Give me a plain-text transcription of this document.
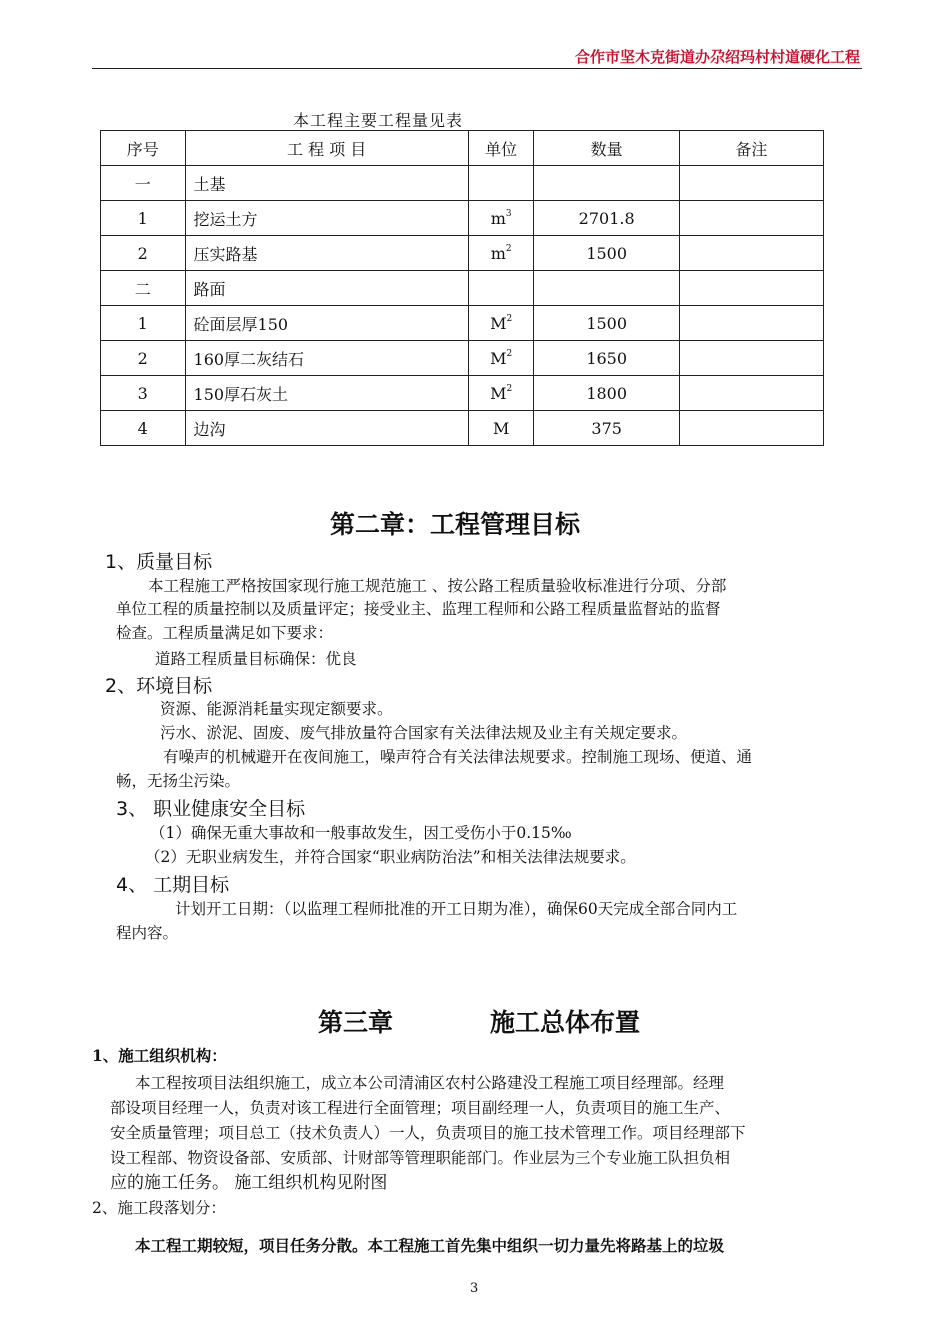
合作市坚木克街道办尕绍玛村村道硬化工程
本工程主要工程量见表
序号	工 程 项 目	单位	数量	备注
一	土基			
1	挖运土方	$m^3$	2701.8	
2	压实路基	$m^2$	1500	
二	路面			
1	砼面层厚150	$M^2$	1500	
2	160厚二灰结石	$M^2$	1650	
3	150厚石灰土	$M^2$	1800	
4	边沟	M	375	
第二章：工程管理目标
1、质量目标
本工程施工严格按国家现行施工规范施工 、按公路工程质量验收标准进行分项、分部
单位工程的质量控制以及质量评定；接受业主、监理工程师和公路工程质量监督站的监督
检查。工程质量满足如下要求：
道路工程质量目标确保：优良
2、环境目标
资源、能源消耗量实现定额要求。
污水、淤泥、固废、废气排放量符合国家有关法律法规及业主有关规定要求。
有噪声的机械避开在夜间施工，噪声符合有关法律法规要求。控制施工现场、便道、通
畅，无扬尘污染。
3、 职业健康安全目标
（1）确保无重大事故和一般事故发生，因工受伤小于0.15‰
（2）无职业病发生，并符合国家“职业病防治法”和相关法律法规要求。
4、 工期目标
计划开工日期：（以监理工程师批准的开工日期为准），确保60天完成全部合同内工
程内容。
第三章	施工总体布置
1、施工组织机构：
本工程按项目法组织施工，成立本公司清浦区农村公路建没工程施工项目经理部。经理
部设项目经理一人，负责对该工程进行全面管理；项目副经理一人，负责项目的施工生产、
安全质量管理；项目总工（技术负责人）一人，负责项目的施工技术管理工作。项目经理部下
设工程部、物资设备部、安质部、计财部等管理职能部门。作业层为三个专业施工队担负相
应的施工任务。 施工组织机构见附图
2、施工段落划分：
本工程工期较短，项目任务分散。本工程施工首先集中组织一切力量先将路基上的垃圾
3
